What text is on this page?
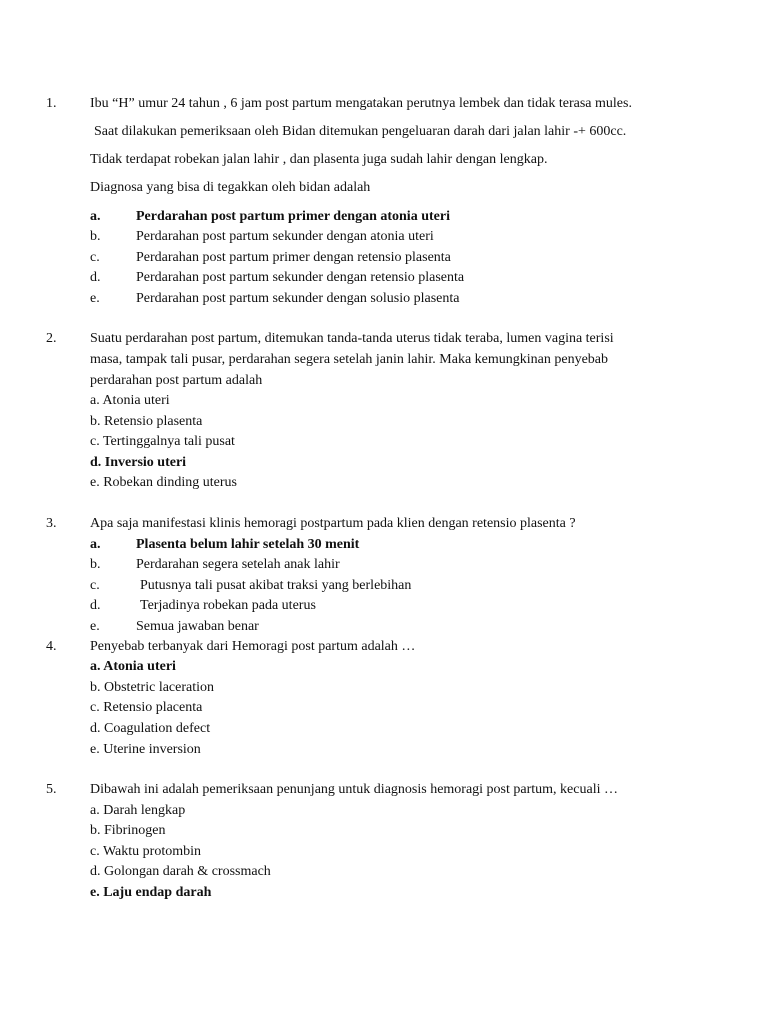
1. Ibu “H” umur 24 tahun , 6 jam post partum mengatakan perutnya lembek dan tidak terasa mules.
Saat dilakukan pemeriksaan oleh Bidan ditemukan pengeluaran darah dari jalan lahir -+ 600cc.
Tidak terdapat robekan jalan lahir , dan plasenta juga sudah lahir dengan lengkap.
Diagnosa yang bisa di tegakkan oleh bidan adalah
a.	Perdarahan post partum primer dengan atonia uteri
b.	Perdarahan post partum sekunder dengan atonia uteri
c.	Perdarahan post partum primer dengan retensio plasenta
d.	Perdarahan post partum sekunder dengan retensio plasenta
e.	Perdarahan post partum sekunder dengan solusio plasenta
2. Suatu perdarahan post partum, ditemukan tanda-tanda uterus tidak teraba, lumen vagina terisi
masa, tampak tali pusar, perdarahan segera setelah janin lahir. Maka kemungkinan penyebab
perdarahan post partum adalah
a. Atonia uteri
b. Retensio plasenta
c. Tertinggalnya tali pusat
d. Inversio uteri
e. Robekan dinding uterus
3. Apa saja manifestasi klinis hemoragi postpartum pada klien dengan retensio plasenta ?
a.	Plasenta belum lahir setelah 30 menit
b.	Perdarahan segera setelah anak lahir
c.	Putusnya tali pusat akibat traksi yang berlebihan
d.	Terjadinya robekan pada uterus
e.	Semua jawaban benar
4. Penyebab terbanyak dari Hemoragi post partum adalah …
a. Atonia uteri
b. Obstetric laceration
c. Retensio placenta
d. Coagulation defect
e. Uterine inversion
5. Dibawah ini adalah pemeriksaan penunjang untuk diagnosis hemoragi post partum, kecuali …
a. Darah lengkap
b. Fibrinogen
c. Waktu protombin
d. Golongan darah & crossmach
e. Laju endap darah
